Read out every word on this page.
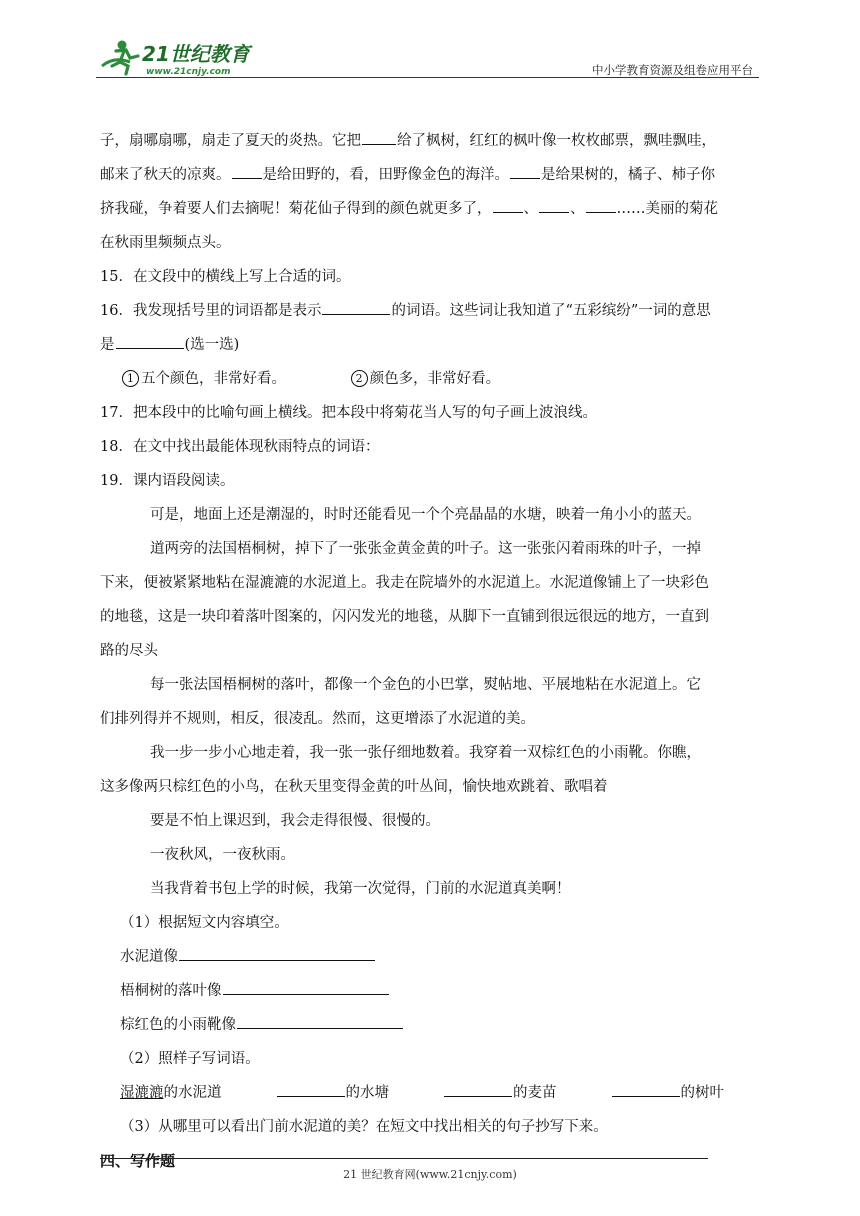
21世纪教育
www.21cnjy.com	中小学教育资源及组卷应用平台

子，扇哪扇哪，扇走了夏天的炎热。它把 给了枫树，红红的枫叶像一枚枚邮票，飘哇飘哇，

邮来了秋天的凉爽。 是给田野的，看，田野像金色的海洋。 是给果树的，橘子、柿子你

挤我碰，争着要人们去摘呢！菊花仙子得到的颜色就更多了， 、 、 ……美丽的菊花

在秋雨里频频点头。

15．在文段中的横线上写上合适的词。

16．我发现括号里的词语都是表示	的词语。这些词让我知道了“五彩缤纷”一词的意思

是	(选一选)

1 五个颜色，非常好看。	2 颜色多，非常好看。

17．把本段中的比喻句画上横线。把本段中将菊花当人写的句子画上波浪线。

18．在文中找出最能体现秋雨特点的词语：

19．课内语段阅读。

可是，地面上还是潮湿的，时时还能看见一个个亮晶晶的水塘，映着一角小小的蓝天。

道两旁的法国梧桐树，掉下了一张张金黄金黄的叶子。这一张张闪着雨珠的叶子，一掉

下来，便被紧紧地粘在湿漉漉的水泥道上。我走在院墙外的水泥道上。水泥道像铺上了一块彩色

的地毯，这是一块印着落叶图案的，闪闪发光的地毯，从脚下一直铺到很远很远的地方，一直到

路的尽头

每一张法国梧桐树的落叶，都像一个金色的小巴掌，熨帖地、平展地粘在水泥道上。它

们排列得并不规则，相反，很凌乱。然而，这更增添了水泥道的美。

我一步一步小心地走着，我一张一张仔细地数着。我穿着一双棕红色的小雨靴。你瞧，

这多像两只棕红色的小鸟，在秋天里变得金黄的叶丛间，愉快地欢跳着、歌唱着

要是不怕上课迟到，我会走得很慢、很慢的。

一夜秋风，一夜秋雨。

当我背着书包上学的时候，我第一次觉得，门前的水泥道真美啊！

（1）根据短文内容填空。

水泥道像

梧桐树的落叶像

棕红色的小雨靴像

（2）照样子写词语。

湿漉漉的水泥道	的水塘	的麦苗	的树叶

（3）从哪里可以看出门前水泥道的美？在短文中找出相关的句子抄写下来。

四、写作题

21 世纪教育网(www.21cnjy.com)
